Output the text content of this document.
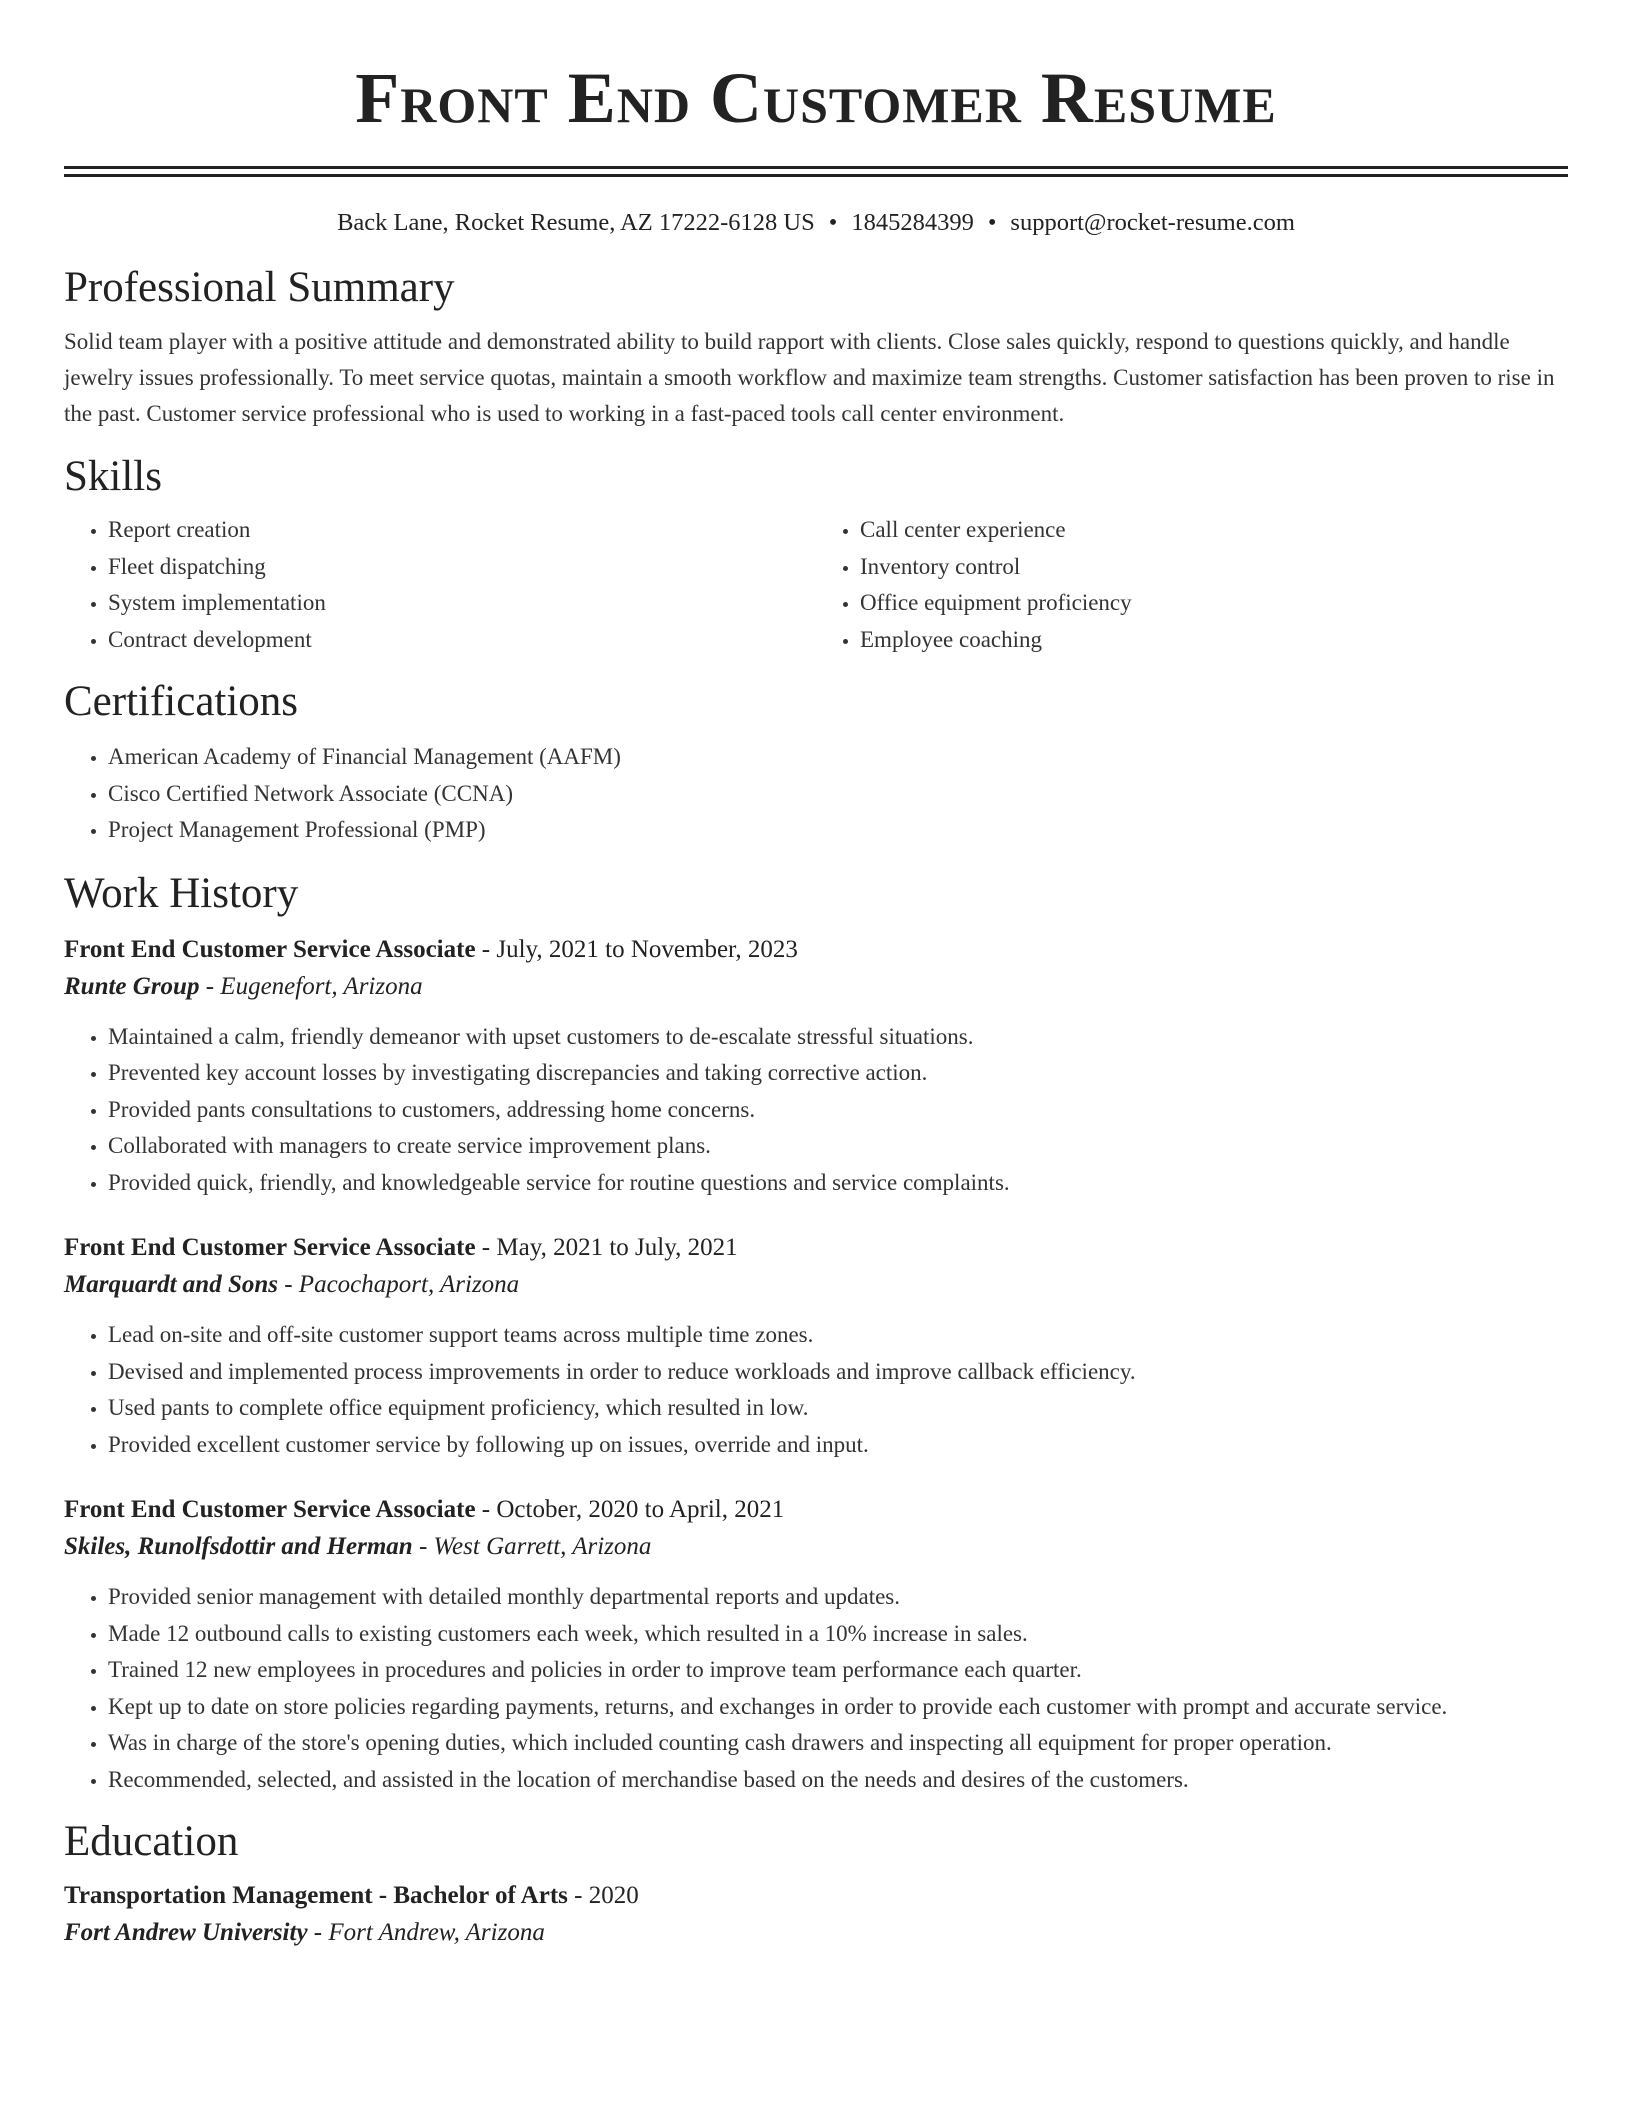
Front End Customer Resume
Back Lane, Rocket Resume, AZ 17222-6128 US • 1845284399 • support@rocket-resume.com
Professional Summary

Solid team player with a positive attitude and demonstrated ability to build rapport with clients. Close sales quickly, respond to questions quickly, and handle jewelry issues professionally. To meet service quotas, maintain a smooth workflow and maximize team strengths. Customer satisfaction has been proven to rise in the past. Customer service professional who is used to working in a fast-paced tools call center environment.

Skills
• Report creation
• Fleet dispatching
• System implementation
• Contract development
• Call center experience
• Inventory control
• Office equipment proficiency
• Employee coaching
Certifications
• American Academy of Financial Management (AAFM)
• Cisco Certified Network Associate (CCNA)
• Project Management Professional (PMP)
Work History
Front End Customer Service Associate - July, 2021 to November, 2023
Runte Group - Eugenefort, Arizona
• Maintained a calm, friendly demeanor with upset customers to de-escalate stressful situations.
• Prevented key account losses by investigating discrepancies and taking corrective action.
• Provided pants consultations to customers, addressing home concerns.
• Collaborated with managers to create service improvement plans.
• Provided quick, friendly, and knowledgeable service for routine questions and service complaints.
Front End Customer Service Associate - May, 2021 to July, 2021
Marquardt and Sons - Pacochaport, Arizona
• Lead on-site and off-site customer support teams across multiple time zones.
• Devised and implemented process improvements in order to reduce workloads and improve callback efficiency.
• Used pants to complete office equipment proficiency, which resulted in low.
• Provided excellent customer service by following up on issues, override and input.
Front End Customer Service Associate - October, 2020 to April, 2021
Skiles, Runolfsdottir and Herman - West Garrett, Arizona
• Provided senior management with detailed monthly departmental reports and updates.
• Made 12 outbound calls to existing customers each week, which resulted in a 10% increase in sales.
• Trained 12 new employees in procedures and policies in order to improve team performance each quarter.
• Kept up to date on store policies regarding payments, returns, and exchanges in order to provide each customer with prompt and accurate service.
• Was in charge of the store's opening duties, which included counting cash drawers and inspecting all equipment for proper operation.
• Recommended, selected, and assisted in the location of merchandise based on the needs and desires of the customers.
Education
Transportation Management - Bachelor of Arts - 2020
Fort Andrew University - Fort Andrew, Arizona
